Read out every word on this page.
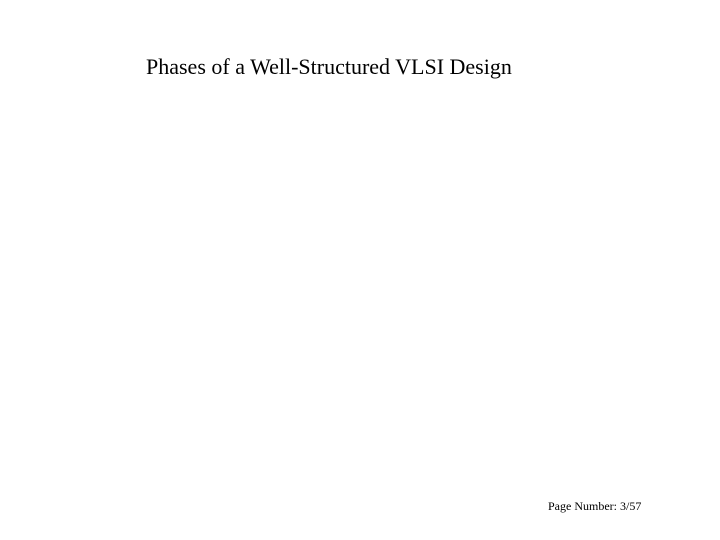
Phases of a Well-Structured VLSI Design
Page Number: 3/57
